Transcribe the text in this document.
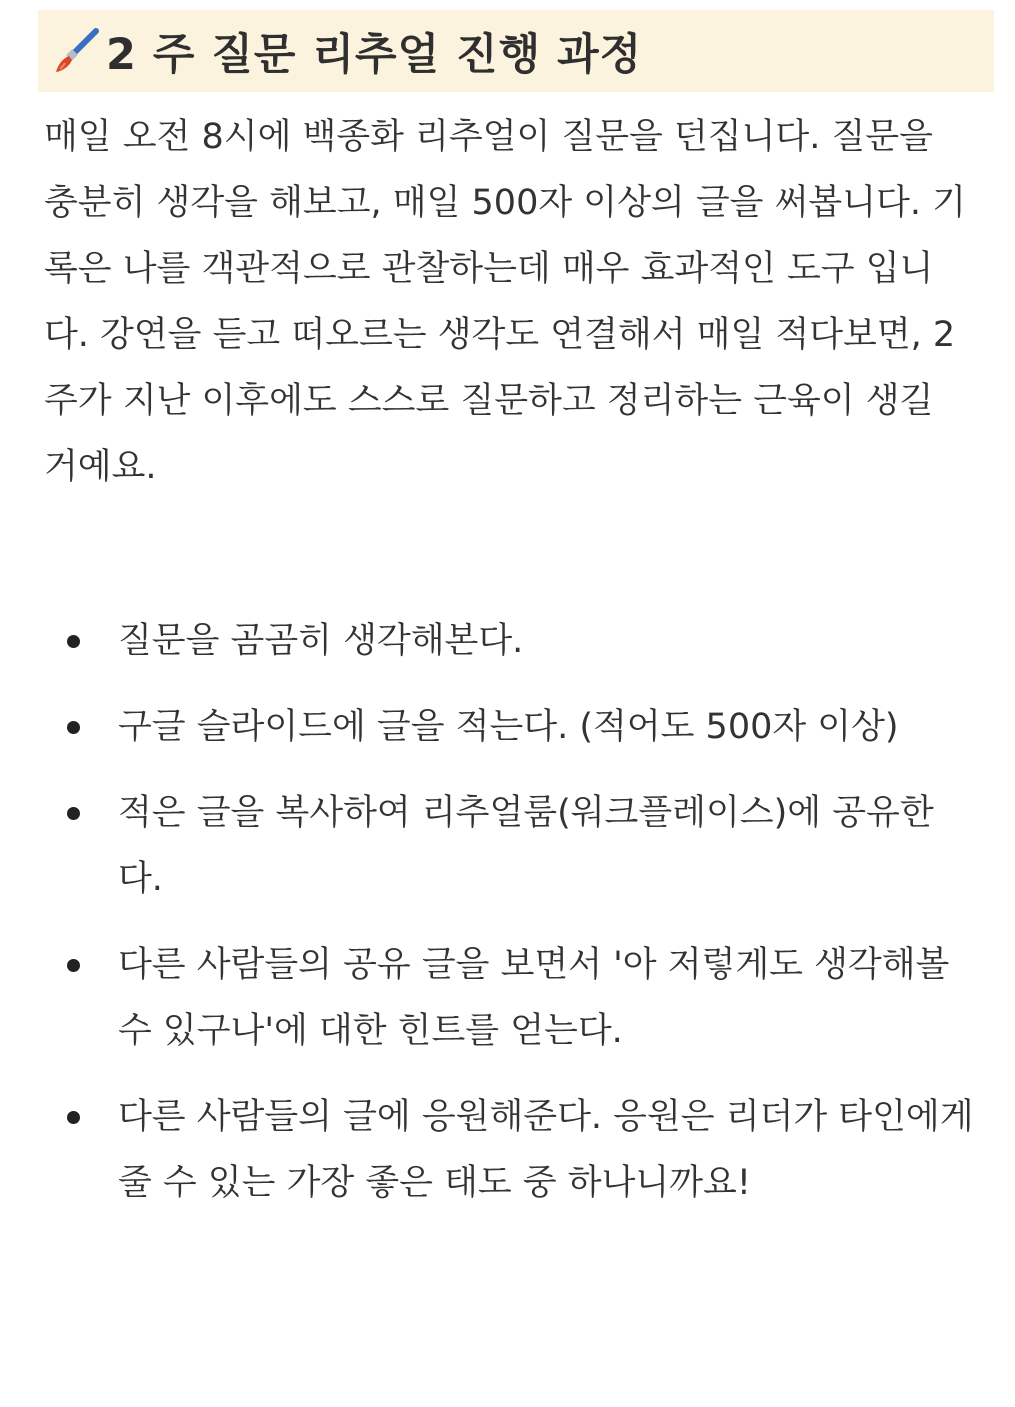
2 주 질문 리추얼 진행 과정

매일 오전 8시에 백종화 리추얼이 질문을 던집니다. 질문을 충분히 생각을 해보고, 매일 500자 이상의 글을 써봅니다. 기록은 나를 객관적으로 관찰하는데 매우 효과적인 도구 입니다. 강연을 듣고 떠오르는 생각도 연결해서 매일 적다보면, 2주가 지난 이후에도 스스로 질문하고 정리하는 근육이 생길 거예요.

질문을 곰곰히 생각해본다.
구글 슬라이드에 글을 적는다. (적어도 500자 이상)
적은 글을 복사하여 리추얼룸(워크플레이스)에 공유한다.
다른 사람들의 공유 글을 보면서 '아 저렇게도 생각해볼 수 있구나'에 대한 힌트를 얻는다.
다른 사람들의 글에 응원해준다. 응원은 리더가 타인에게 줄 수 있는 가장 좋은 태도 중 하나니까요!
